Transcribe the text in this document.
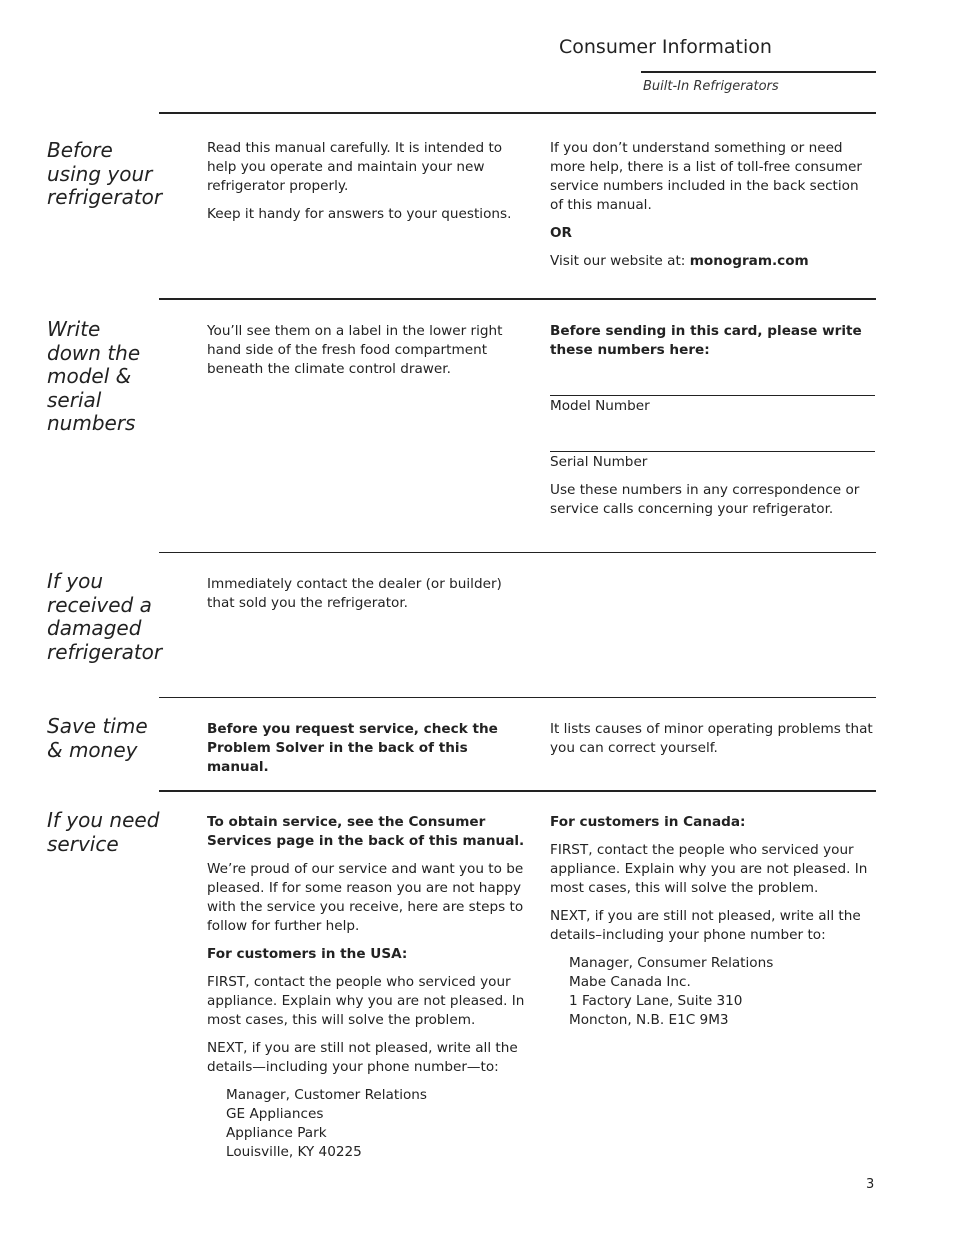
Consumer Information
Built-In Refrigerators
Before using your refrigerator

Read this manual carefully. It is intended to help you operate and maintain your new refrigerator properly.

Keep it handy for answers to your questions.

If you don’t understand something or need more help, there is a list of toll-free consumer service numbers included in the back section of this manual.

OR

Visit our website at: monogram.com

Write down the model & serial numbers

You’ll see them on a label in the lower right hand side of the fresh food compartment beneath the climate control drawer.

Before sending in this card, please write these numbers here:

Model Number
Serial Number
Use these numbers in any correspondence or service calls concerning your refrigerator.
If you received a damaged refrigerator
Immediately contact the dealer (or builder) that sold you the refrigerator.
Save time & money
Before you request service, check the Problem Solver in the back of this manual.
It lists causes of minor operating problems that you can correct yourself.
If you need service

To obtain service, see the Consumer Services page in the back of this manual.

We’re proud of our service and want you to be pleased. If for some reason you are not happy with the service you receive, here are steps to follow for further help.

For customers in the USA:

FIRST, contact the people who serviced your appliance. Explain why you are not pleased. In most cases, this will solve the problem.

NEXT, if you are still not pleased, write all the details—including your phone number—to:

Manager, Customer Relations
GE Appliances
Appliance Park
Louisville, KY 40225

For customers in Canada:

FIRST, contact the people who serviced your appliance. Explain why you are not pleased. In most cases, this will solve the problem.

NEXT, if you are still not pleased, write all the details–including your phone number to:

Manager, Consumer Relations
Mabe Canada Inc.
1 Factory Lane, Suite 310
Moncton, N.B. E1C 9M3
3
